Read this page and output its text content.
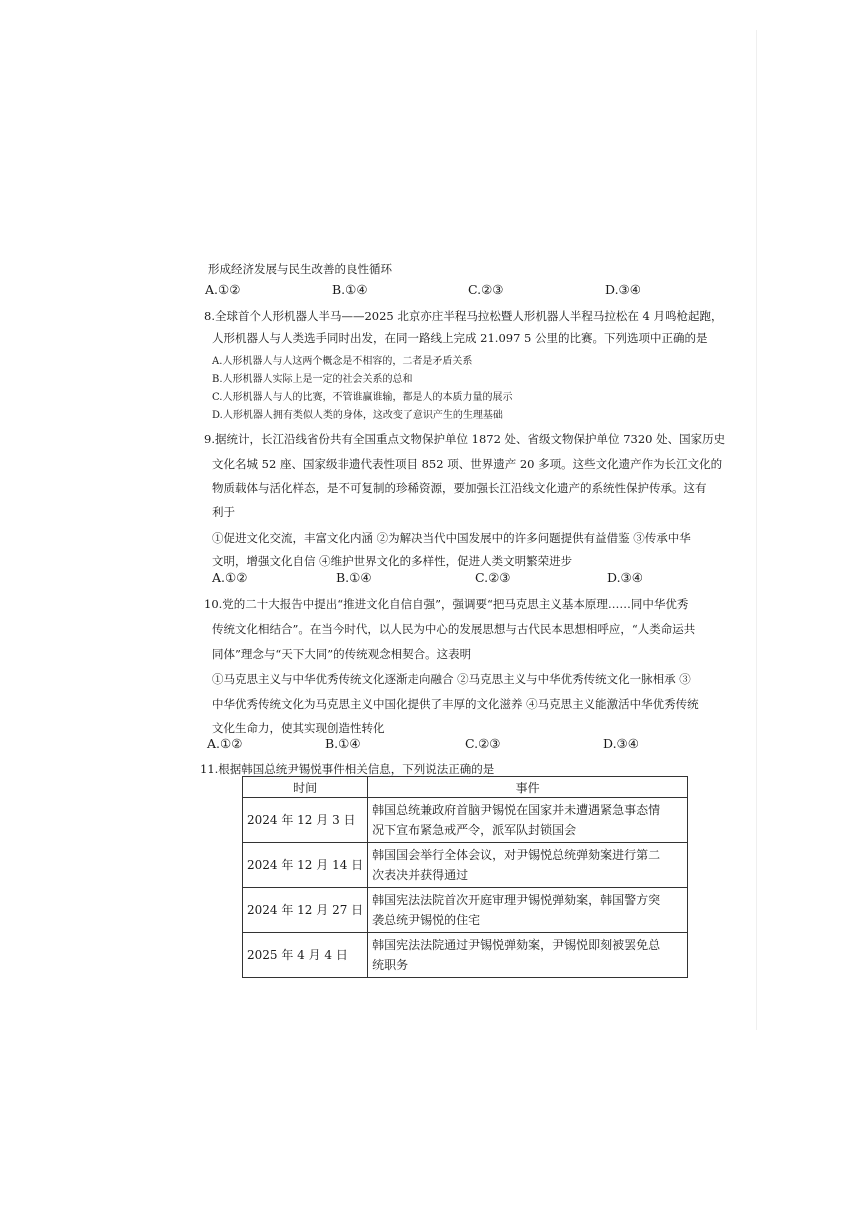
形成经济发展与民生改善的良性循环
A.①②	B.①④	C.②③	D.③④
8.全球首个人形机器人半马——2025 北京亦庄半程马拉松暨人形机器人半程马拉松在 4 月鸣枪起跑，
人形机器人与人类选手同时出发，在同一路线上完成 21.097 5 公里的比赛。下列选项中正确的是
A.人形机器人与人这两个概念是不相容的，二者是矛盾关系
B.人形机器人实际上是一定的社会关系的总和
C.人形机器人与人的比赛，不管谁赢谁输，都是人的本质力量的展示
D.人形机器人拥有类似人类的身体，这改变了意识产生的生理基础
9.据统计，长江沿线省份共有全国重点文物保护单位 1872 处、省级文物保护单位 7320 处、国家历史
文化名城 52 座、国家级非遗代表性项目 852 项、世界遗产 20 多项。这些文化遗产作为长江文化的
物质载体与活化样态，是不可复制的珍稀资源，要加强长江沿线文化遗产的系统性保护传承。这有
利于
①促进文化交流，丰富文化内涵 ②为解决当代中国发展中的许多问题提供有益借鉴 ③传承中华
文明，增强文化自信 ④维护世界文化的多样性，促进人类文明繁荣进步
A.①②	B.①④	C.②③	D.③④
10.党的二十大报告中提出“推进文化自信自强”，强调要“把马克思主义基本原理……同中华优秀
传统文化相结合”。在当今时代，以人民为中心的发展思想与古代民本思想相呼应，“人类命运共
同体”理念与“天下大同”的传统观念相契合。这表明
①马克思主义与中华优秀传统文化逐渐走向融合 ②马克思主义与中华优秀传统文化一脉相承 ③
中华优秀传统文化为马克思主义中国化提供了丰厚的文化滋养 ④马克思主义能激活中华优秀传统
文化生命力，使其实现创造性转化
A.①②	B.①④	C.②③	D.③④
11.根据韩国总统尹锡悦事件相关信息，下列说法正确的是
时间	事件
2024 年 12 月 3 日	韩国总统兼政府首脑尹锡悦在国家并未遭遇紧急事态情
况下宣布紧急戒严令，派军队封锁国会

2024 年 12 月 14 日	韩国国会举行全体会议，对尹锡悦总统弹劾案进行第二
次表决并获得通过

2024 年 12 月 27 日	韩国宪法法院首次开庭审理尹锡悦弹劾案，韩国警方突
袭总统尹锡悦的住宅

2025 年 4 月 4 日	韩国宪法法院通过尹锡悦弹劾案，尹锡悦即刻被罢免总
统职务
